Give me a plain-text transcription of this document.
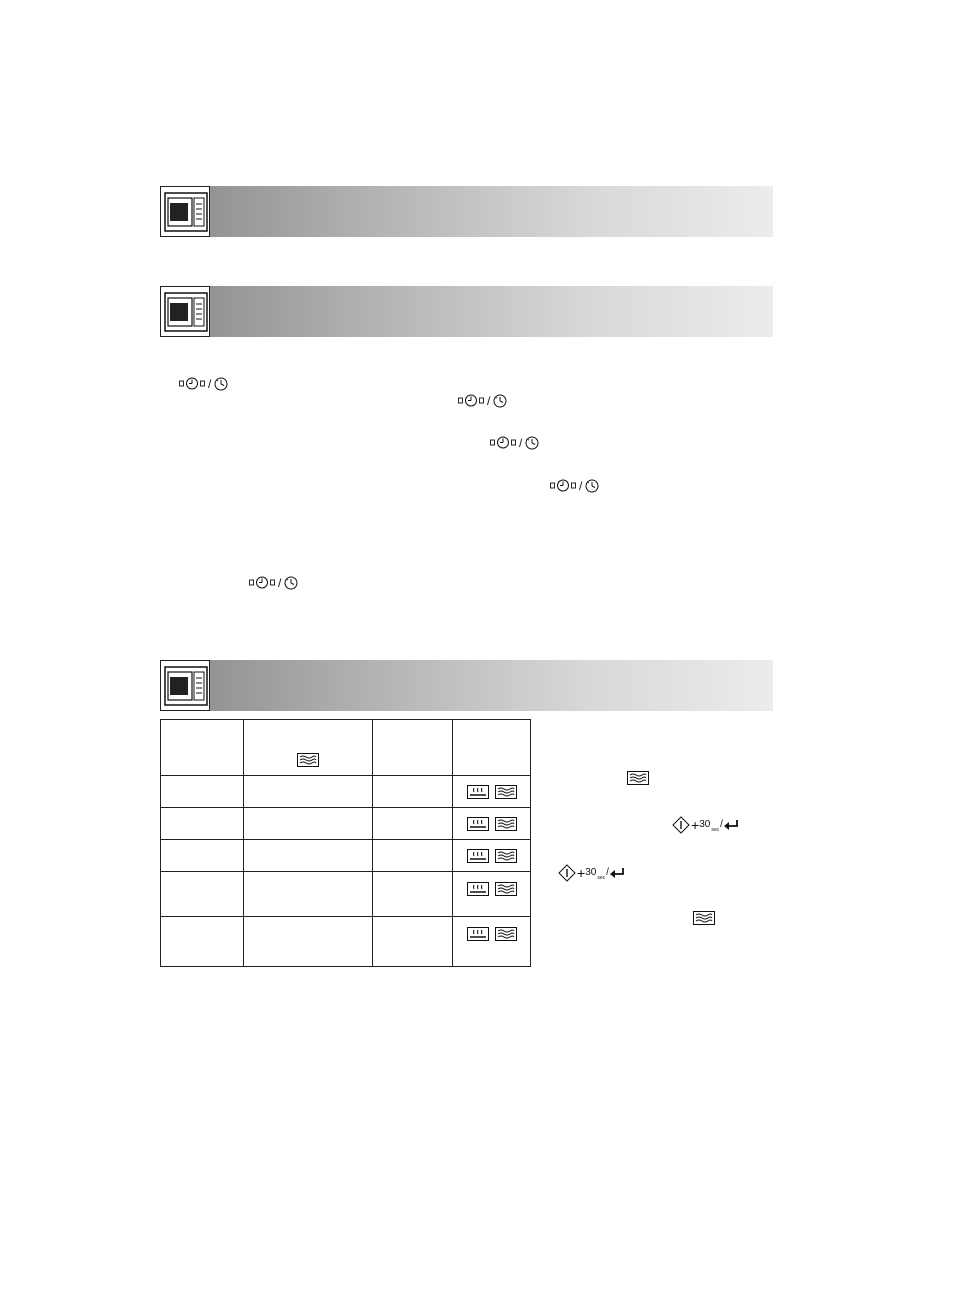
/
/
/
/
/

+ 30 sec /
+ 30 sec /
